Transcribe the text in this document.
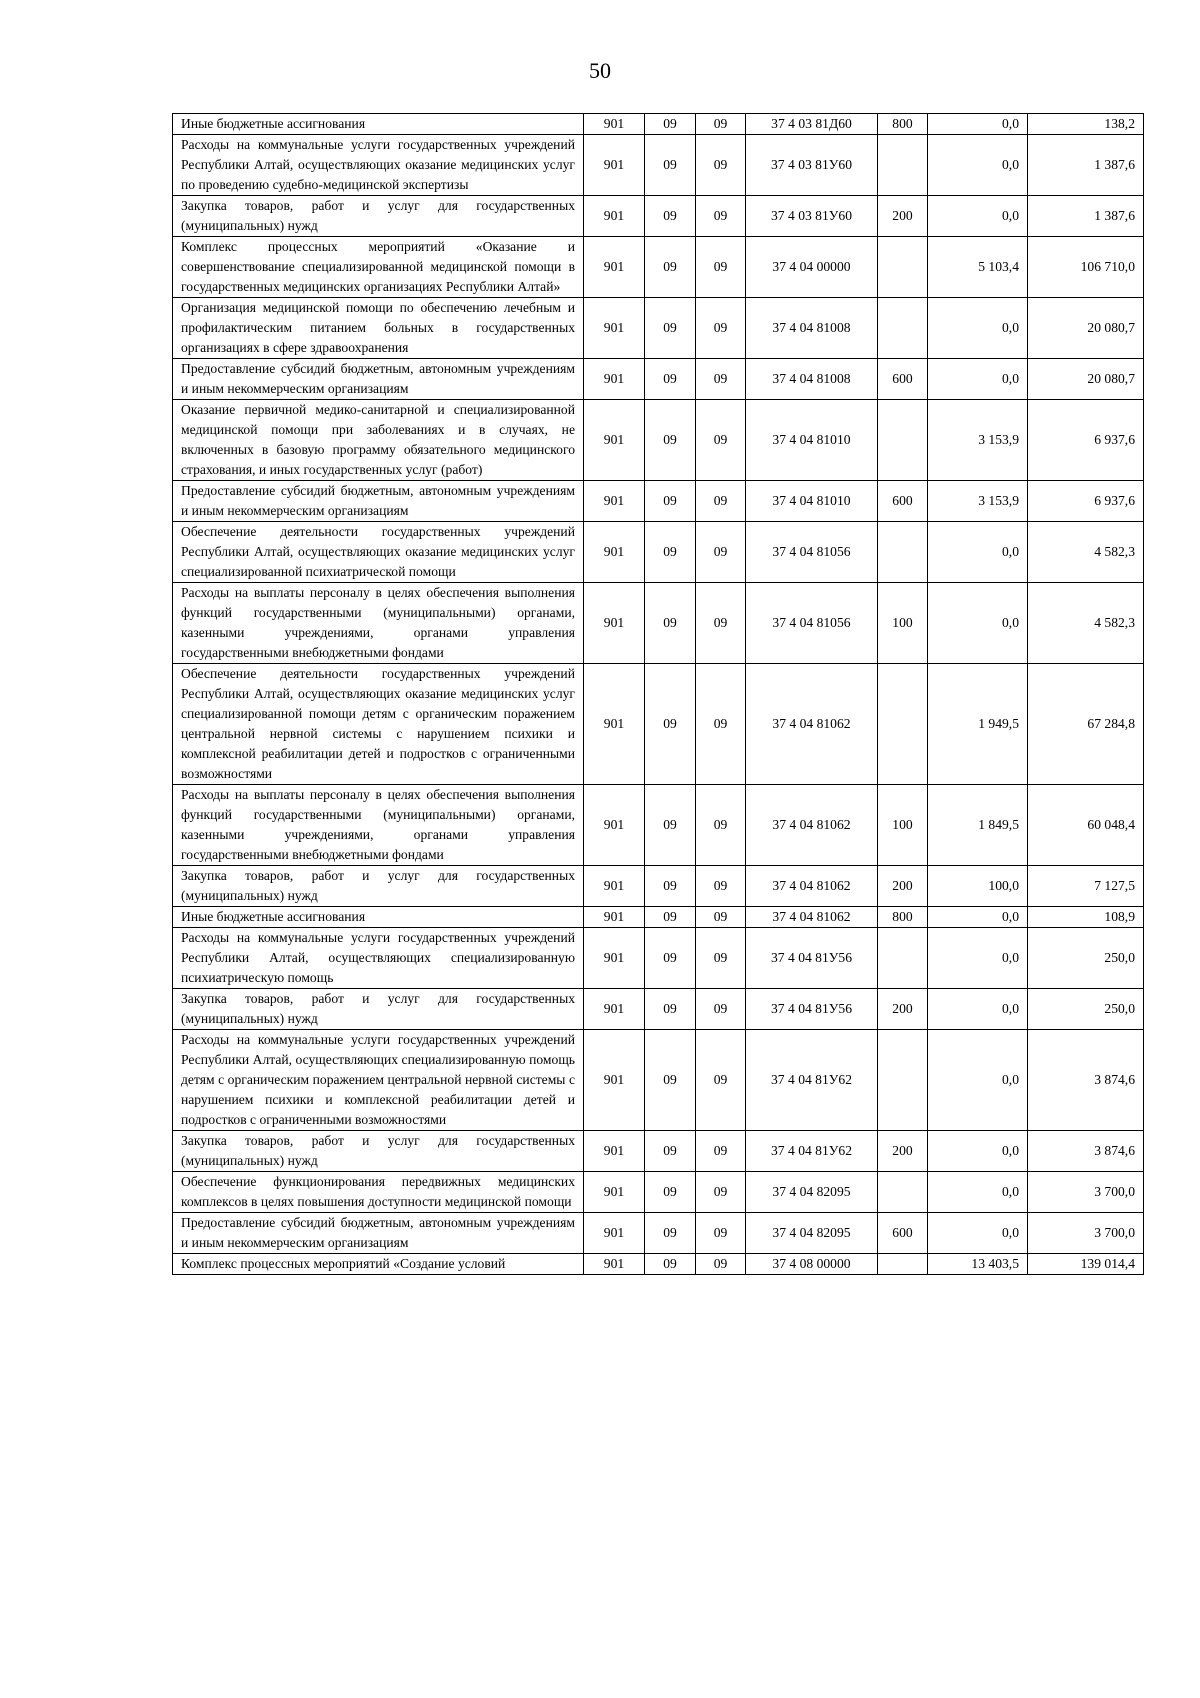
50
Иные бюджетные ассигнования	901	09	09	37 4 03 81Д60	800	0,0	138,2
Расходы на коммунальные услуги государственных учреждений Республики Алтай, осуществляющих оказание медицинских услуг по проведению судебно-медицинской экспертизы	901	09	09	37 4 03 81У60		0,0	1 387,6
Закупка товаров, работ и услуг для государственных (муниципальных) нужд	901	09	09	37 4 03 81У60	200	0,0	1 387,6
Комплекс процессных мероприятий «Оказание и совершенствование специализированной медицинской помощи в государственных медицинских организациях Республики Алтай»	901	09	09	37 4 04 00000		5 103,4	106 710,0
Организация медицинской помощи по обеспечению лечебным и профилактическим питанием больных в государственных организациях в сфере здравоохранения	901	09	09	37 4 04 81008		0,0	20 080,7
Предоставление субсидий бюджетным, автономным учреждениям и иным некоммерческим организациям	901	09	09	37 4 04 81008	600	0,0	20 080,7
Оказание первичной медико-санитарной и специализированной медицинской помощи при заболеваниях и в случаях, не включенных в базовую программу обязательного медицинского страхования, и иных государственных услуг (работ)	901	09	09	37 4 04 81010		3 153,9	6 937,6
Предоставление субсидий бюджетным, автономным учреждениям и иным некоммерческим организациям	901	09	09	37 4 04 81010	600	3 153,9	6 937,6
Обеспечение деятельности государственных учреждений Республики Алтай, осуществляющих оказание медицинских услуг специализированной психиатрической помощи	901	09	09	37 4 04 81056		0,0	4 582,3
Расходы на выплаты персоналу в целях обеспечения выполнения функций государственными (муниципальными) органами, казенными учреждениями, органами управления государственными внебюджетными фондами	901	09	09	37 4 04 81056	100	0,0	4 582,3
Обеспечение деятельности государственных учреждений Республики Алтай, осуществляющих оказание медицинских услуг специализированной помощи детям с органическим поражением центральной нервной системы с нарушением психики и комплексной реабилитации детей и подростков с ограниченными возможностями	901	09	09	37 4 04 81062		1 949,5	67 284,8
Расходы на выплаты персоналу в целях обеспечения выполнения функций государственными (муниципальными) органами, казенными учреждениями, органами управления государственными внебюджетными фондами	901	09	09	37 4 04 81062	100	1 849,5	60 048,4
Закупка товаров, работ и услуг для государственных (муниципальных) нужд	901	09	09	37 4 04 81062	200	100,0	7 127,5
Иные бюджетные ассигнования	901	09	09	37 4 04 81062	800	0,0	108,9
Расходы на коммунальные услуги государственных учреждений Республики Алтай, осуществляющих специализированную психиатрическую помощь	901	09	09	37 4 04 81У56		0,0	250,0
Закупка товаров, работ и услуг для государственных (муниципальных) нужд	901	09	09	37 4 04 81У56	200	0,0	250,0
Расходы на коммунальные услуги государственных учреждений Республики Алтай, осуществляющих специализированную помощь детям с органическим поражением центральной нервной системы с нарушением психики и комплексной реабилитации детей и подростков с ограниченными возможностями	901	09	09	37 4 04 81У62		0,0	3 874,6
Закупка товаров, работ и услуг для государственных (муниципальных) нужд	901	09	09	37 4 04 81У62	200	0,0	3 874,6
Обеспечение функционирования передвижных медицинских комплексов в целях повышения доступности медицинской помощи	901	09	09	37 4 04 82095		0,0	3 700,0
Предоставление субсидий бюджетным, автономным учреждениям и иным некоммерческим организациям	901	09	09	37 4 04 82095	600	0,0	3 700,0
Комплекс процессных мероприятий «Создание условий	901	09	09	37 4 08 00000		13 403,5	139 014,4
